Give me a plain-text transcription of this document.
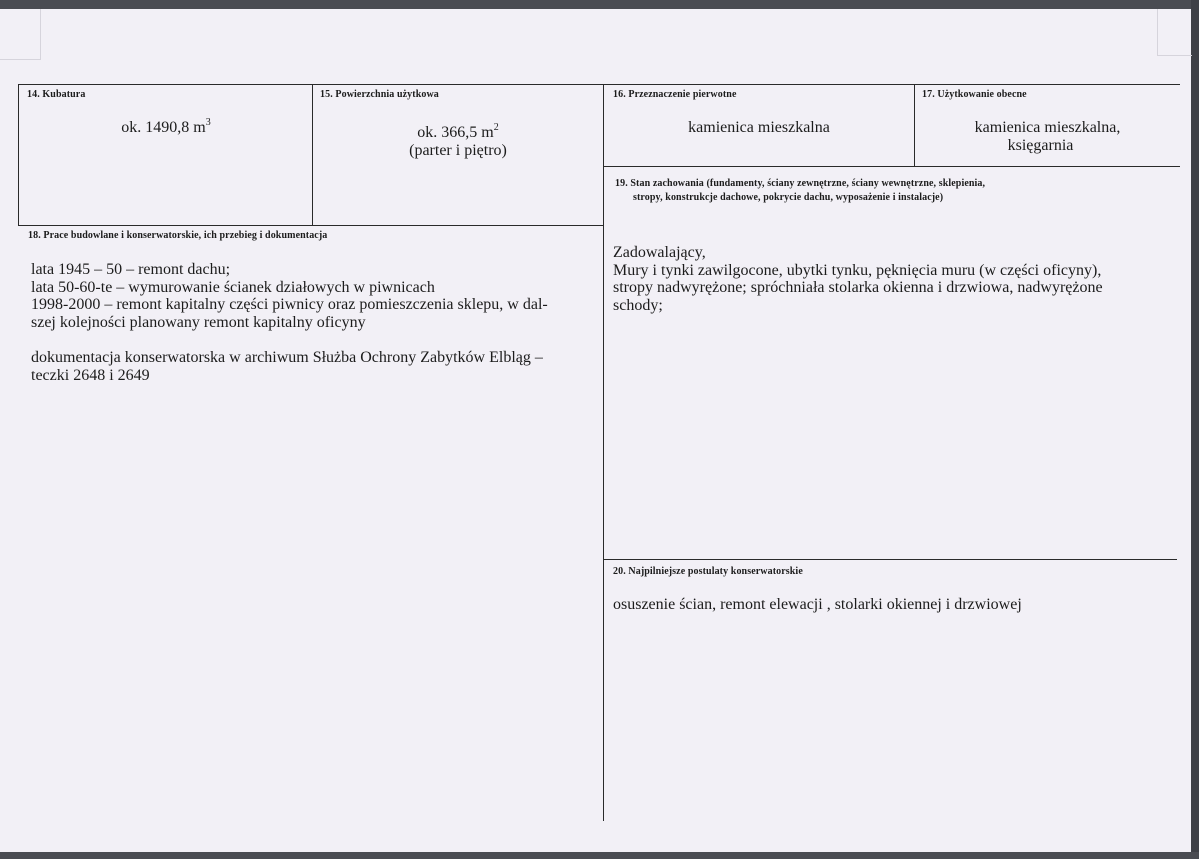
14. Kubatura
ok. 1490,8 $m^3$
15. Powierzchnia użytkowa
ok. 366,5 $m^2$
(parter i piętro)
16. Przeznaczenie pierwotne
kamienica mieszkalna
17. Użytkowanie obecne
kamienica mieszkalna,
księgarnia
19. Stan zachowania (fundamenty, ściany zewnętrzne, ściany wewnętrzne, sklepienia,
stropy, konstrukcje dachowe, pokrycie dachu, wyposażenie i instalacje)
Zadowalający,
Mury i tynki zawilgocone, ubytki tynku, pęknięcia muru (w części oficyny),
stropy nadwyrężone; spróchniała stolarka okienna i drzwiowa, nadwyrężone
schody;
18. Prace budowlane i konserwatorskie, ich przebieg i dokumentacja
lata 1945 – 50 – remont dachu;
lata 50-60-te – wymurowanie ścianek działowych w piwnicach
1998-2000 – remont kapitalny części piwnicy oraz pomieszczenia sklepu, w dal-
szej kolejności planowany remont kapitalny oficyny
dokumentacja konserwatorska w archiwum Służba Ochrony Zabytków Elbląg –
teczki 2648 i 2649
20. Najpilniejsze postulaty konserwatorskie
osuszenie ścian, remont elewacji , stolarki okiennej i drzwiowej
